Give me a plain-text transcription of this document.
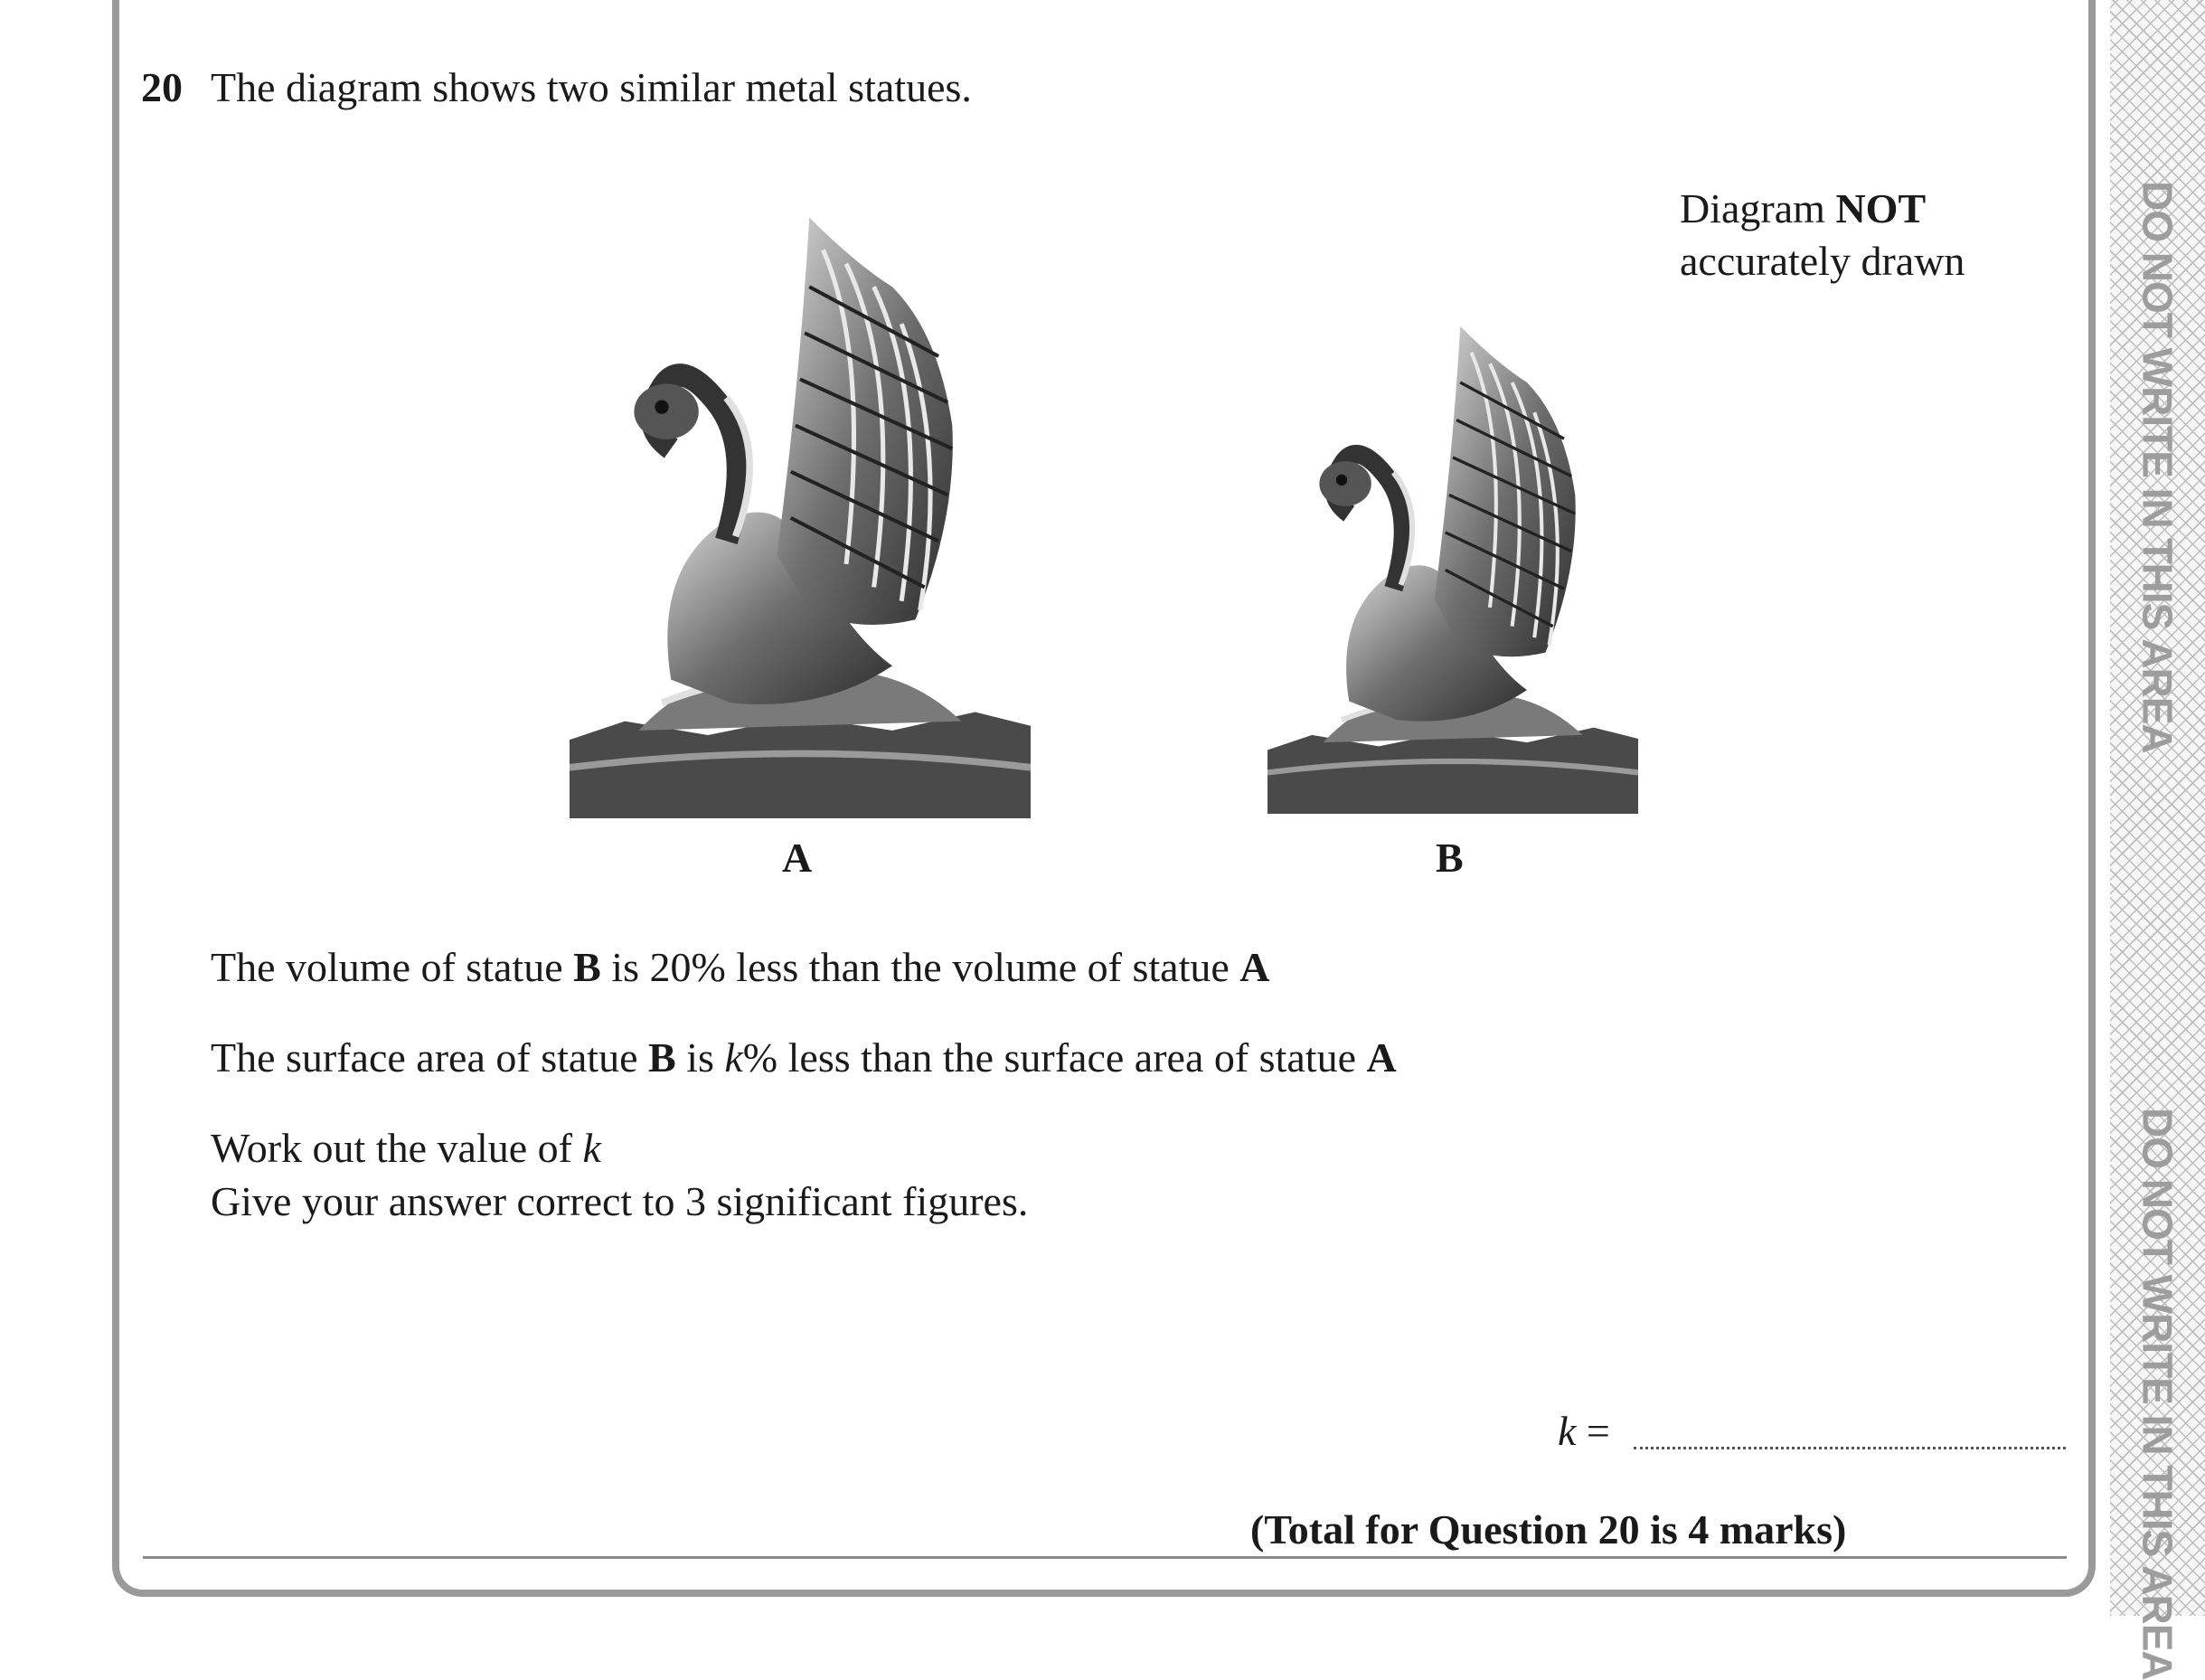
DO NOT WRITE IN THIS AREA
DO NOT WRITE IN THIS AREA
20 The diagram shows two similar metal statues.
Diagram NOT
accurately drawn
A	B
The volume of statue B is 20% less than the volume of statue A
The surface area of statue B is k% less than the surface area of statue A
Work out the value of k
Give your answer correct to 3 significant figures.
k =
(Total for Question 20 is 4 marks)
